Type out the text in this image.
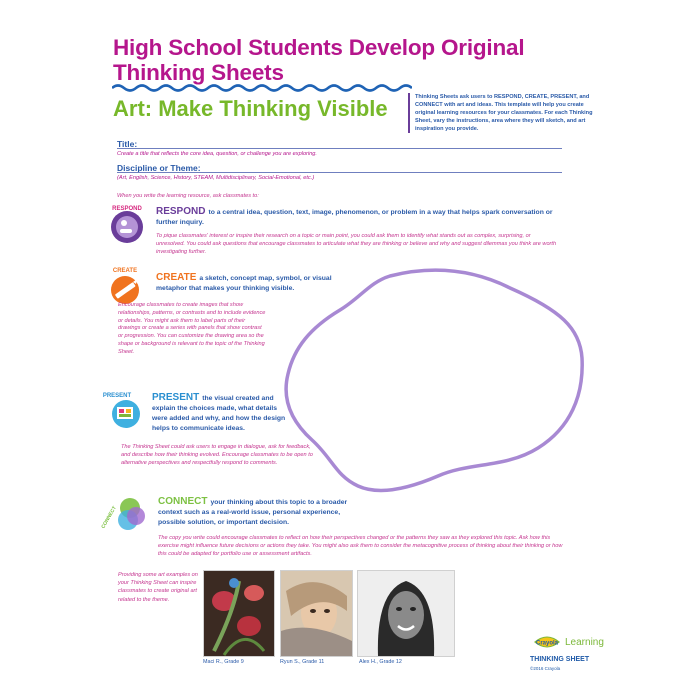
High School Students Develop Original Thinking Sheets
Art: Make Thinking Visible	Thinking Sheets ask users to RESPOND, CREATE, PRESENT, and CONNECT with art and ideas. This template will help you create original learning resources for your classmates. For each Thinking Sheet, vary the instructions, area where they will sketch, and art inspiration you provide.
Title:
Create a title that reflects the core idea, question, or challenge you are exploring.
Discipline or Theme:
(Art, English, Science, History, STEAM, Multidisciplinary, Social-Emotional, etc.)
When you write the learning resource, ask classmates to:
RESPOND RESPOND to a central idea, question, text, image, phenomenon, or problem in a way that helps spark conversation or further inquiry.
To pique classmates' interest or inspire their research on a topic or main point, you could ask them to identify what stands out as complex, surprising, or unresolved. You could ask questions that encourage classmates to articulate what they are thinking or believe and why and suggest dilemmas you think are worth investigating further.
CREATE
CREATE a sketch, concept map, symbol, or visual metaphor that makes your thinking visible.
Encourage classmates to create images that show relationships, patterns, or contrasts and to include evidence or details. You might ask them to label parts of their drawings or create a series with panels that show contrast or progression. You can customize the drawing area so the shape or background is relevant to the topic of the Thinking Sheet.
PRESENT PRESENT the visual created and explain the choices made, what details were added and why, and how the design helps to communicate ideas.
The Thinking Sheet could ask users to engage in dialogue, ask for feedback, and describe how their thinking evolved. Encourage classmates to be open to alternative perspectives and respectfully respond to comments.
CONNECT
CONNECT your thinking about this topic to a broader context such as a real-world issue, personal experience, possible solution, or important decision.
The copy you write could encourage classmates to reflect on how their perspectives changed or the patterns they saw as they explored this topic. Ask how this exercise might influence future decisions or actions they take. You might also ask them to consider the metacognitive process of thinking about their thinking or how this could be adapted for portfolio use or assessment artifacts.
Providing some art examples on your Thinking Sheet can inspire classmates to create original art related to the theme.
Maci R., Grade 9	Ryun S., Grade 11	Alex H., Grade 12
Crayola Learning
THINKING SHEET
©2016 Crayola
